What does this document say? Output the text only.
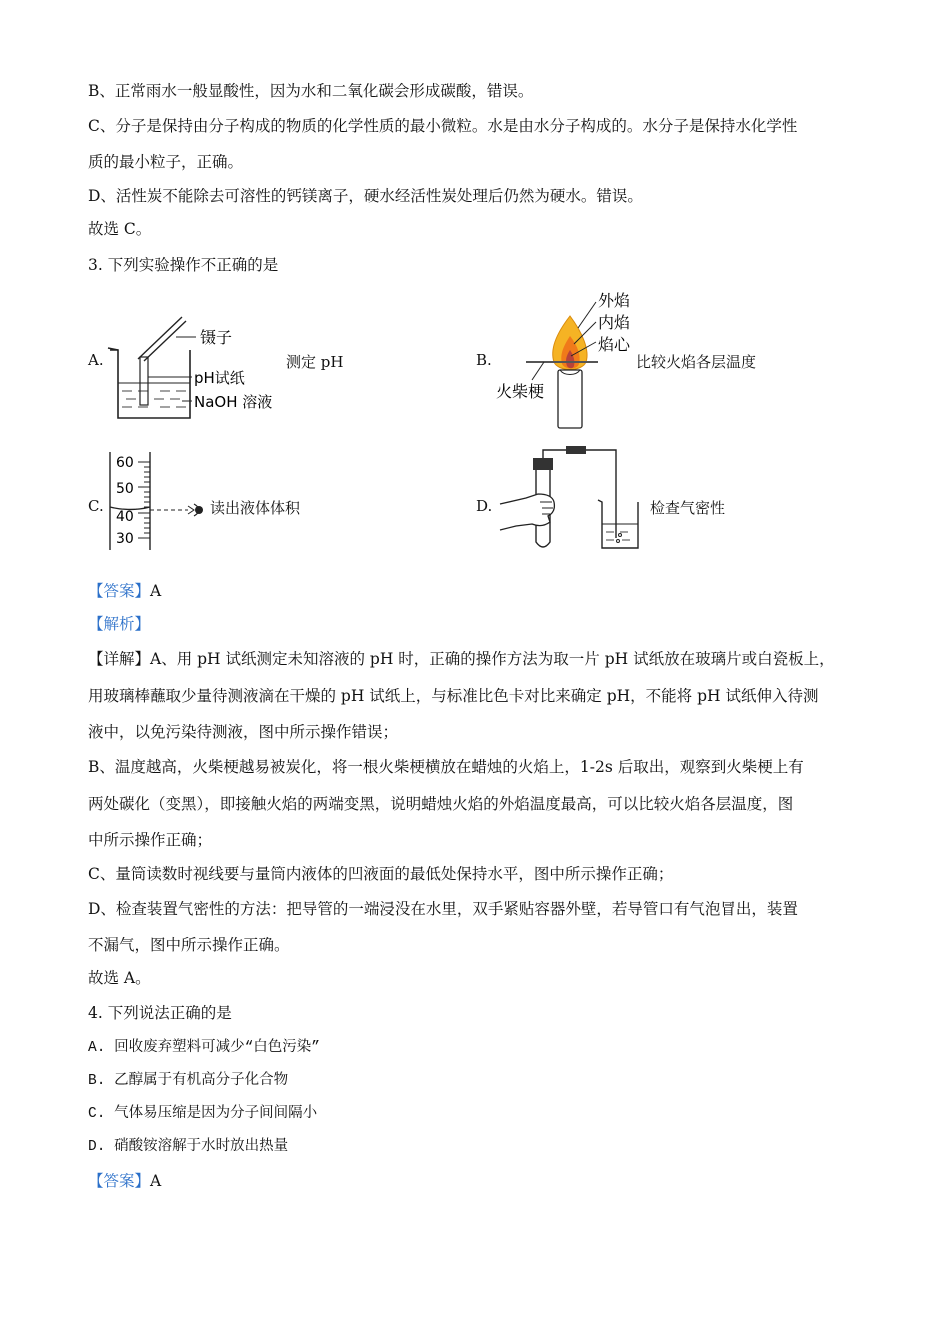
B、正常雨水一般显酸性，因为水和二氧化碳会形成碳酸，错误。
C、分子是保持由分子构成的物质的化学性质的最小微粒。水是由水分子构成的。水分子是保持水化学性
质的最小粒子，正确。
D、活性炭不能除去可溶性的钙镁离子，硬水经活性炭处理后仍然为硬水。错误。
故选 C。
3. 下列实验操作不正确的是
A.
镊子
pH试纸
NaOH 溶液
测定 pH	B.
外焰
内焰
焰心
火柴梗
比较火焰各层温度
C.
60
50
40
30
读出液体体积	D.	检查气密性
【答案】A
【解析】
【详解】A、用 pH 试纸测定未知溶液的 pH 时，正确的操作方法为取一片 pH 试纸放在玻璃片或白瓷板上，
用玻璃棒蘸取少量待测液滴在干燥的 pH 试纸上，与标准比色卡对比来确定 pH，不能将 pH 试纸伸入待测
液中，以免污染待测液，图中所示操作错误；
B、温度越高，火柴梗越易被炭化，将一根火柴梗横放在蜡烛的火焰上，1-2s 后取出，观察到火柴梗上有
两处碳化（变黑），即接触火焰的两端变黑，说明蜡烛火焰的外焰温度最高，可以比较火焰各层温度，图
中所示操作正确；
C、量筒读数时视线要与量筒内液体的凹液面的最低处保持水平，图中所示操作正确；
D、检查装置气密性的方法：把导管的一端浸没在水里，双手紧贴容器外壁，若导管口有气泡冒出，装置
不漏气，图中所示操作正确。
故选 A。
4. 下列说法正确的是
A. 回收废弃塑料可减少“白色污染”
B. 乙醇属于有机高分子化合物
C. 气体易压缩是因为分子间间隔小
D. 硝酸铵溶解于水时放出热量
【答案】A
